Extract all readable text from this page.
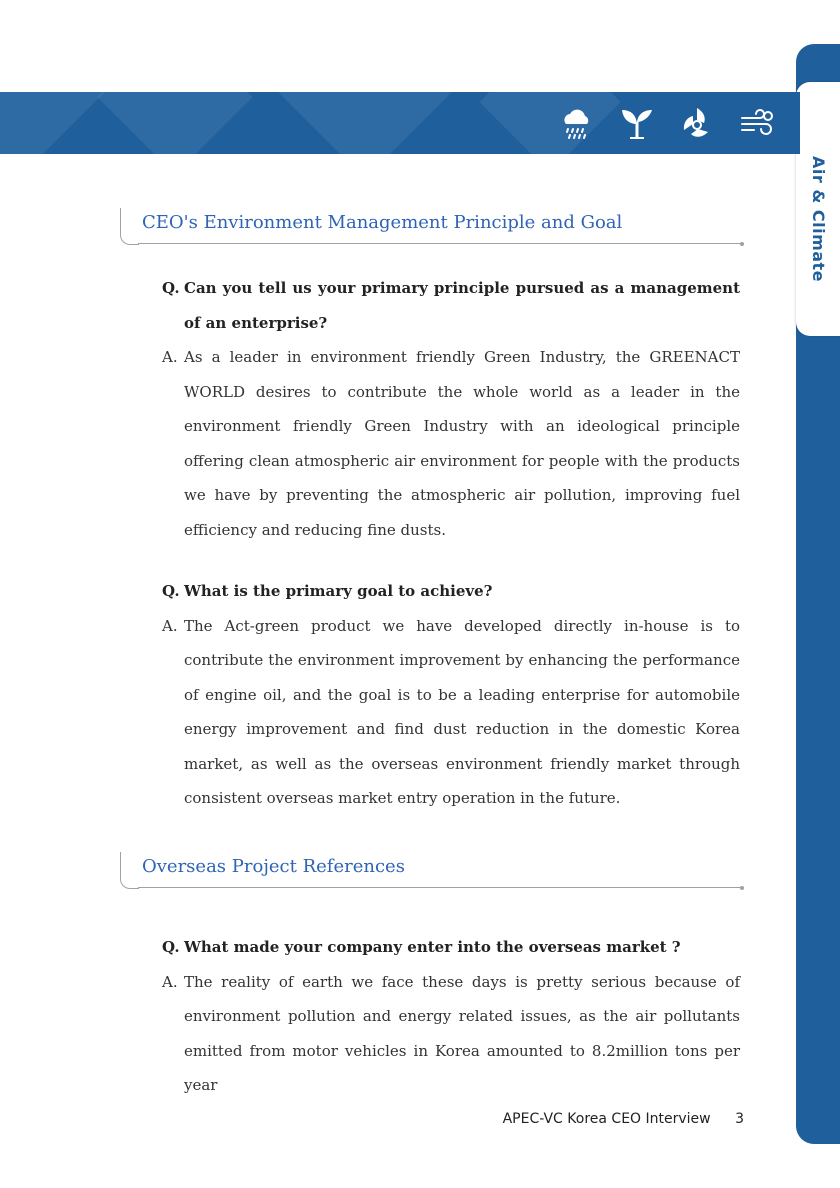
Air & Climate
CEO's Environment Management Principle and Goal
Q. Can you tell us your primary principle pursued as a management of an enterprise?
A. As a leader in environment friendly Green Industry, the GREENACT WORLD desires to contribute the whole world as a leader in the environment friendly Green Industry with an ideological principle offering clean atmospheric air environment for people with the products we have by preventing the atmospheric air pollution, improving fuel efficiency and reducing fine dusts.
Q. What is the primary goal to achieve?
A. The Act-green product we have developed directly in-house is to contribute the environment improvement by enhancing the performance of engine oil, and the goal is to be a leading enterprise for automobile energy improvement and find dust reduction in the domestic Korea market, as well as the overseas environment friendly market through consistent overseas market entry operation in the future.
Overseas Project References
Q. What made your company enter into the overseas market ?
A. The reality of earth we face these days is pretty serious because of environment pollution and energy related issues, as the air pollutants emitted from motor vehicles in Korea amounted to 8.2million tons per year
APEC-VC Korea CEO Interview 3
